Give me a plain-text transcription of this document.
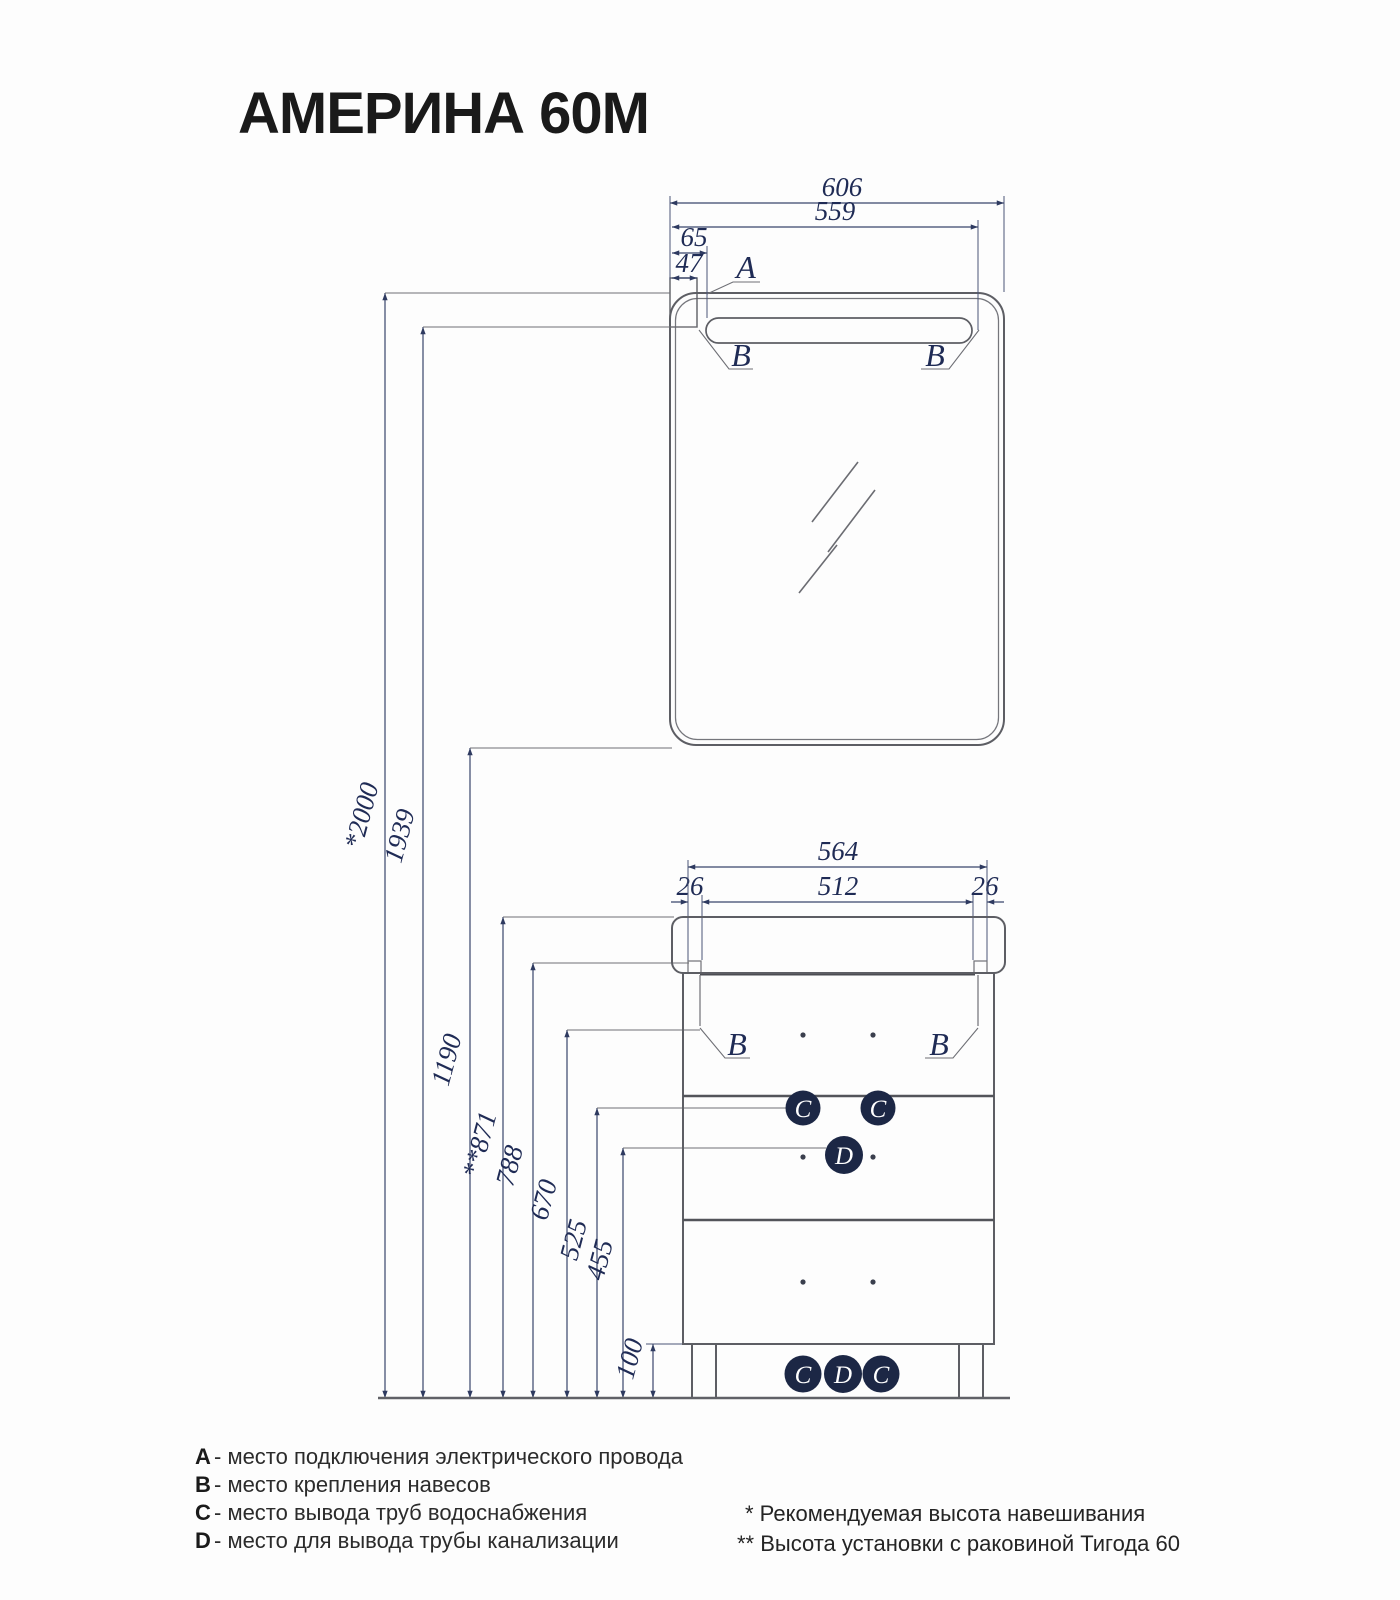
АМЕРИНА 60М
A
B	B
606
559
65
47
*2000
1939
1190
**871
788
670
525
455
100
564
512
26	26
B	B
C C
D
C D C
A - место подключения электрического провода
B - место крепления навесов
C - место вывода труб водоснабжения
D - место для вывода трубы канализации
* Рекомендуемая высота навешивания
** Высота установки с раковиной Тигода 60
